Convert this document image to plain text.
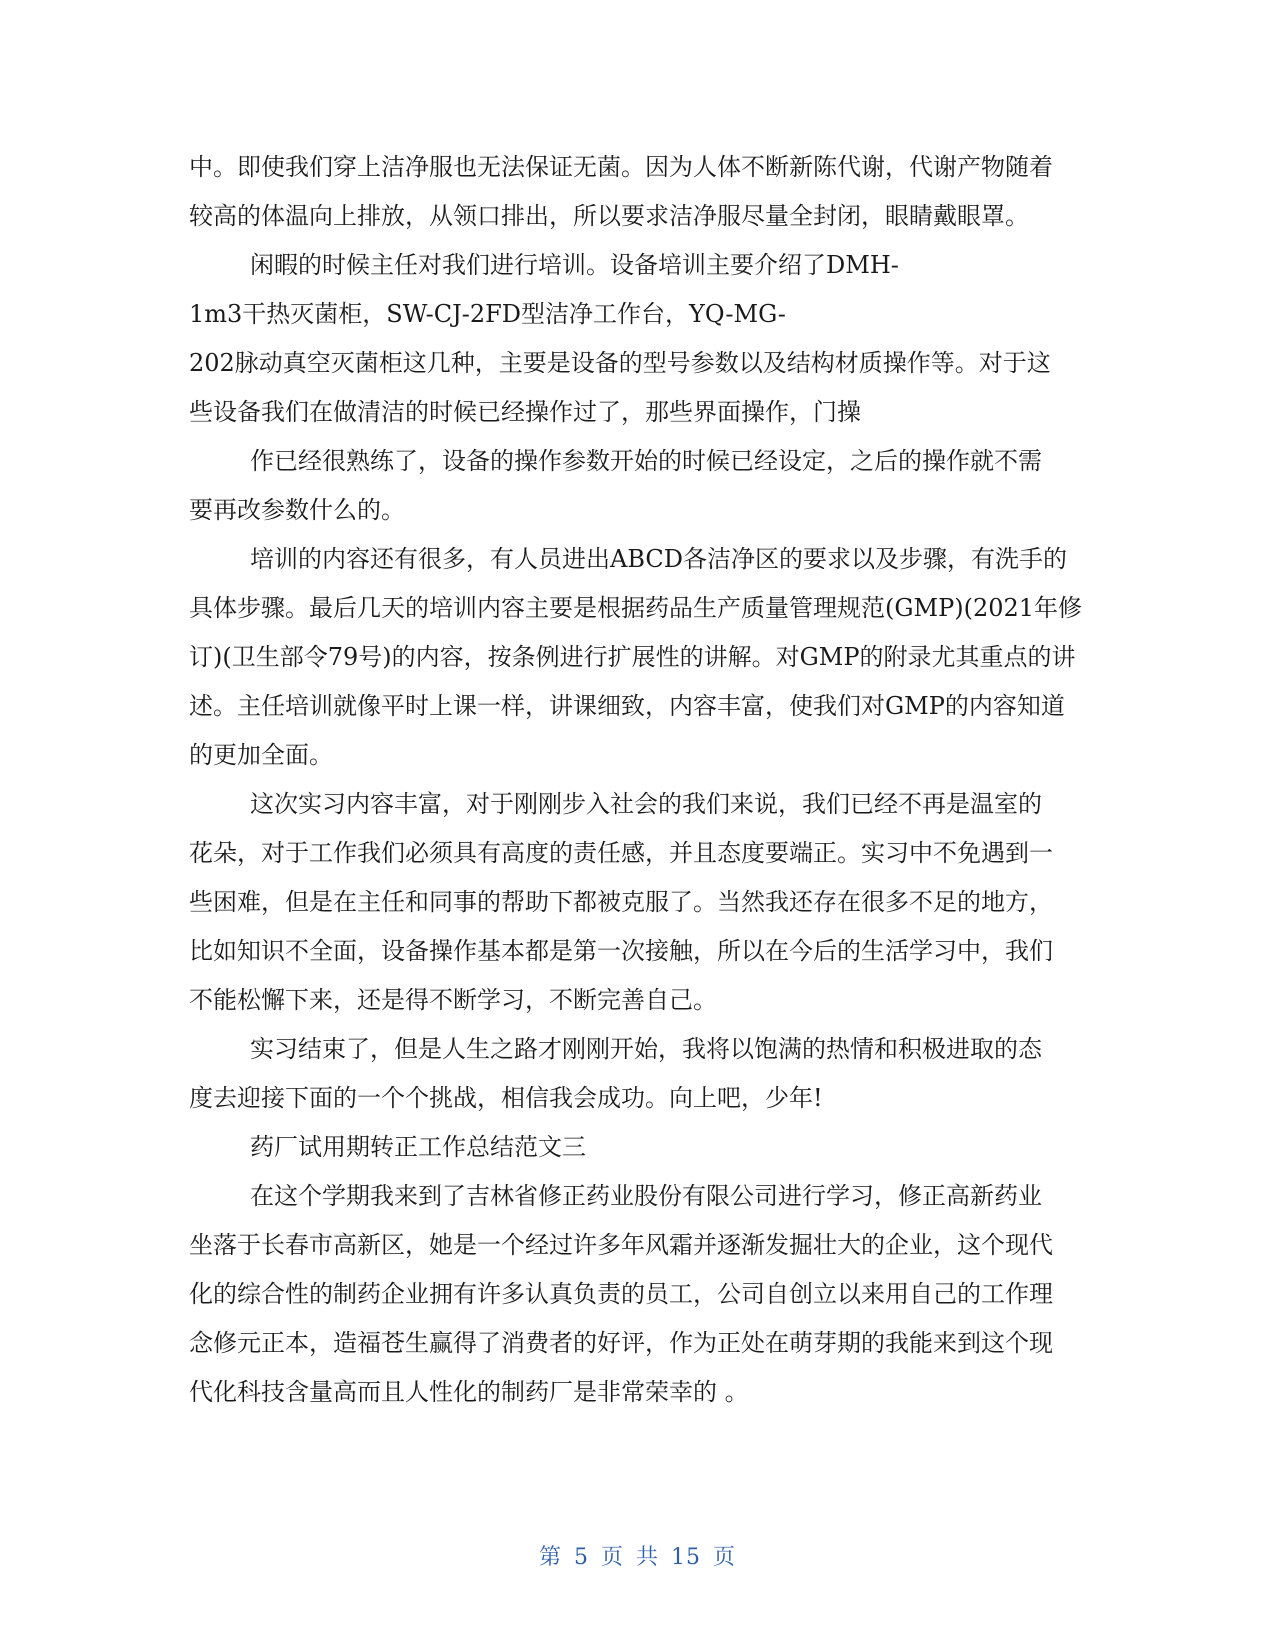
中。即使我们穿上洁净服也无法保证无菌。因为人体不断新陈代谢，代谢产物随着
较高的体温向上排放，从领口排出，所以要求洁净服尽量全封闭，眼睛戴眼罩。
闲暇的时候主任对我们进行培训。设备培训主要介绍了DMH-
1m3干热灭菌柜，SW-CJ-2FD型洁净工作台，YQ-MG-
202脉动真空灭菌柜这几种，主要是设备的型号参数以及结构材质操作等。对于这
些设备我们在做清洁的时候已经操作过了，那些界面操作，门操
作已经很熟练了，设备的操作参数开始的时候已经设定，之后的操作就不需
要再改参数什么的。
培训的内容还有很多，有人员进出ABCD各洁净区的要求以及步骤，有洗手的
具体步骤。最后几天的培训内容主要是根据药品生产质量管理规范(GMP)(2021年修
订)(卫生部令79号)的内容，按条例进行扩展性的讲解。对GMP的附录尤其重点的讲
述。主任培训就像平时上课一样，讲课细致，内容丰富，使我们对GMP的内容知道
的更加全面。
这次实习内容丰富，对于刚刚步入社会的我们来说，我们已经不再是温室的
花朵，对于工作我们必须具有高度的责任感，并且态度要端正。实习中不免遇到一
些困难，但是在主任和同事的帮助下都被克服了。当然我还存在很多不足的地方，
比如知识不全面，设备操作基本都是第一次接触，所以在今后的生活学习中，我们
不能松懈下来，还是得不断学习，不断完善自己。
实习结束了，但是人生之路才刚刚开始，我将以饱满的热情和积极进取的态
度去迎接下面的一个个挑战，相信我会成功。向上吧，少年!
药厂试用期转正工作总结范文三
在这个学期我来到了吉林省修正药业股份有限公司进行学习，修正高新药业
坐落于长春市高新区，她是一个经过许多年风霜并逐渐发掘壮大的企业，这个现代
化的综合性的制药企业拥有许多认真负责的员工，公司自创立以来用自己的工作理
念修元正本，造福苍生赢得了消费者的好评，作为正处在萌芽期的我能来到这个现
代化科技含量高而且人性化的制药厂是非常荣幸的 。
第 5 页 共 15 页
